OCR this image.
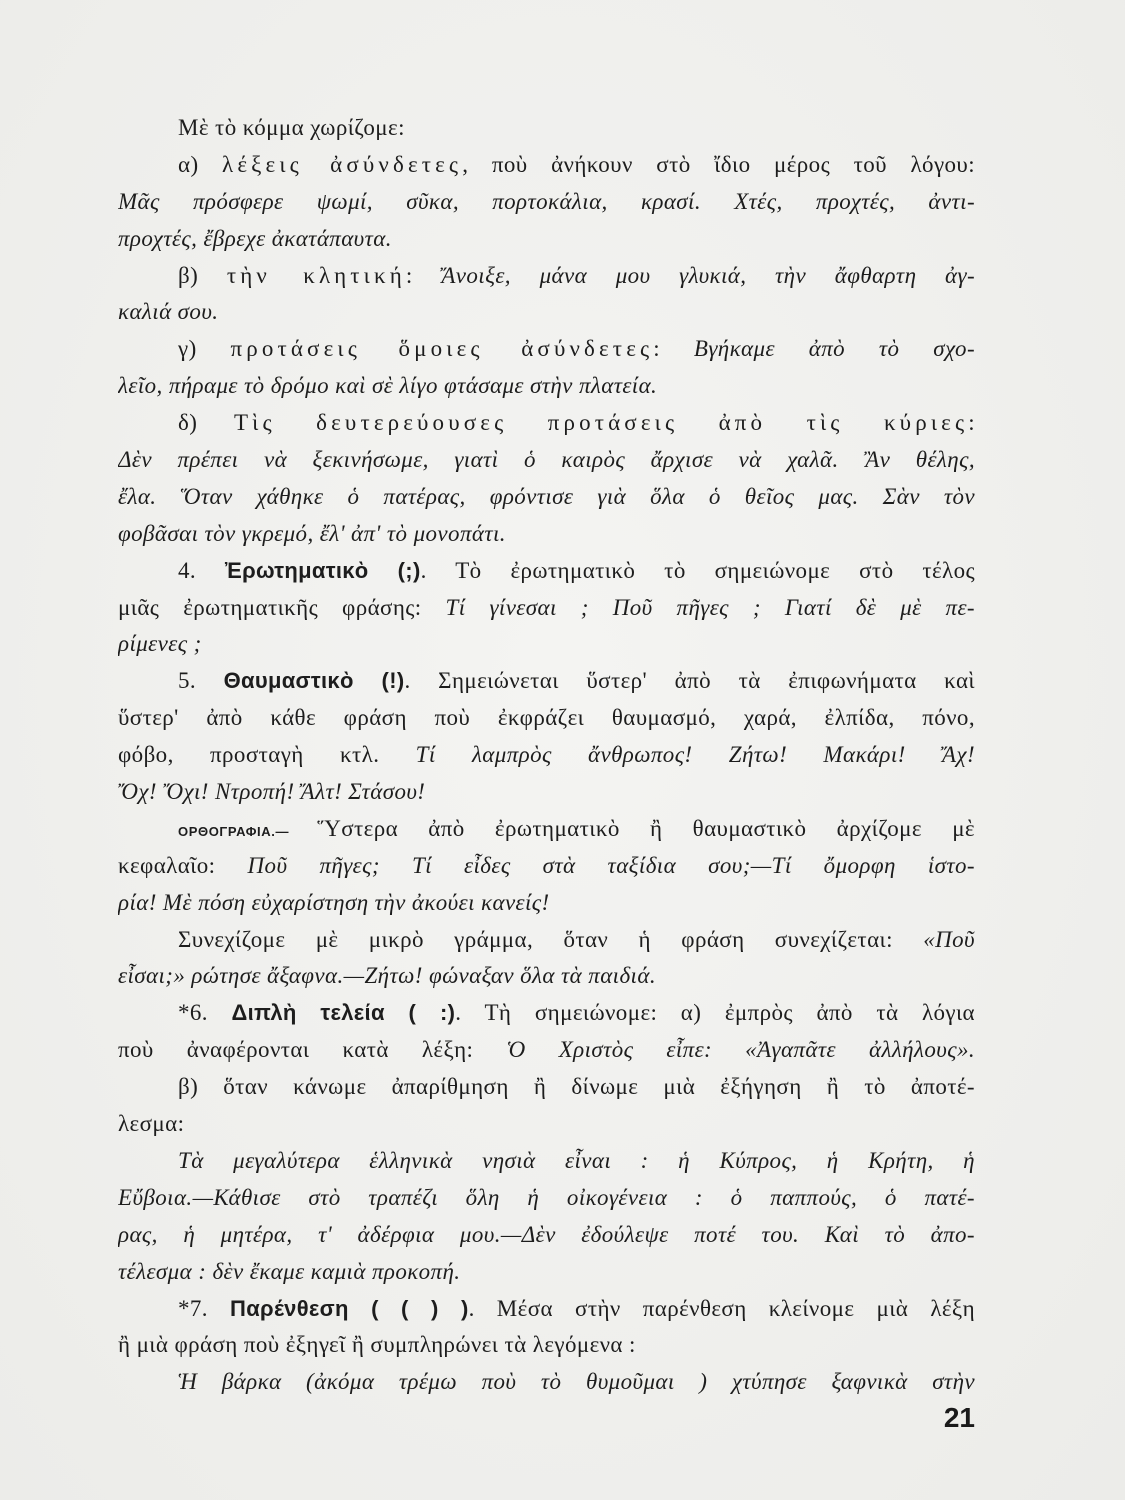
Μὲ τὸ κόμμα χωρίζομε:
α) λέξεις ἀσύνδετες, ποὺ ἀνήκουν στὸ ἴδιο μέρος τοῦ λόγου:
Μᾶς πρόσφερε ψωμί, σῦκα, πορτοκάλια, κρασί. Χτές, προχτές, ἀντι-
προχτές, ἔβρεχε ἀκατάπαυτα.
β) τὴν κλητική: Ἄνοιξε, μάνα μου γλυκιά, τὴν ἄφθαρτη ἀγ-
καλιά σου.
γ) προτάσεις ὅμοιες ἀσύνδετες: Βγήκαμε ἀπὸ τὸ σχο-
λεῖο, πήραμε τὸ δρόμο καὶ σὲ λίγο φτάσαμε στὴν πλατεία.
δ) Τὶς δευτερεύουσες προτάσεις ἀπὸ τὶς κύριες:
Δὲν πρέπει νὰ ξεκινήσωμε, γιατὶ ὁ καιρὸς ἄρχισε νὰ χαλᾶ. Ἂν θέλης,
ἔλα. Ὅταν χάθηκε ὁ πατέρας, φρόντισε γιὰ ὅλα ὁ θεῖος μας. Σὰν τὸν
φοβᾶσαι τὸν γκρεμό, ἔλ' ἀπ' τὸ μονοπάτι.
4. Ἐρωτηματικὸ (;). Τὸ ἐρωτηματικὸ τὸ σημειώνομε στὸ τέλος
μιᾶς ἐρωτηματικῆς φράσης: Τί γίνεσαι ; Ποῦ πῆγες ; Γιατί δὲ μὲ πε-
ρίμενες ;
5. Θαυμαστικὸ (!). Σημειώνεται ὕστερ' ἀπὸ τὰ ἐπιφωνήματα καὶ
ὕστερ' ἀπὸ κάθε φράση ποὺ ἐκφράζει θαυμασμό, χαρά, ἐλπίδα, πόνο,
φόβο, προσταγὴ κτλ. Τί λαμπρὸς ἄνθρωπος! Ζήτω! Μακάρι! Ἄχ!
Ὄχ! Ὄχι! Ντροπή! Ἄλτ! Στάσου!
ΟΡΘΟΓΡΑΦΙΑ.— Ὕστερα ἀπὸ ἐρωτηματικὸ ἢ θαυμαστικὸ ἀρχίζομε μὲ
κεφαλαῖο: Ποῦ πῆγες; Τί εἶδες στὰ ταξίδια σου;—Τί ὄμορφη ἱστο-
ρία! Μὲ πόση εὐχαρίστηση τὴν ἀκούει κανείς!
Συνεχίζομε μὲ μικρὸ γράμμα, ὅταν ἡ φράση συνεχίζεται: «Ποῦ
εἶσαι;» ρώτησε ἄξαφνα.—Ζήτω! φώναξαν ὅλα τὰ παιδιά.
*6. Διπλὴ τελεία ( :). Τὴ σημειώνομε: α) ἐμπρὸς ἀπὸ τὰ λόγια
ποὺ ἀναφέρονται κατὰ λέξη: Ὁ Χριστὸς εἶπε: «Ἀγαπᾶτε ἀλλήλους».
β) ὅταν κάνωμε ἀπαρίθμηση ἢ δίνωμε μιὰ ἐξήγηση ἢ τὸ ἀποτέ-
λεσμα:
Τὰ μεγαλύτερα ἑλληνικὰ νησιὰ εἶναι : ἡ Κύπρος, ἡ Κρήτη, ἡ
Εὔβοια.—Κάθισε στὸ τραπέζι ὅλη ἡ οἰκογένεια : ὁ παππούς, ὁ πατέ-
ρας, ἡ μητέρα, τ' ἀδέρφια μου.—Δὲν ἐδούλεψε ποτέ του. Καὶ τὸ ἀπο-
τέλεσμα : δὲν ἔκαμε καμιὰ προκοπή.
*7. Παρένθεση ( ( ) ). Μέσα στὴν παρένθεση κλείνομε μιὰ λέξη
ἢ μιὰ φράση ποὺ ἐξηγεῖ ἢ συμπληρώνει τὰ λεγόμενα :
Ἡ βάρκα (ἀκόμα τρέμω ποὺ τὸ θυμοῦμαι ) χτύπησε ξαφνικὰ στὴν
21
